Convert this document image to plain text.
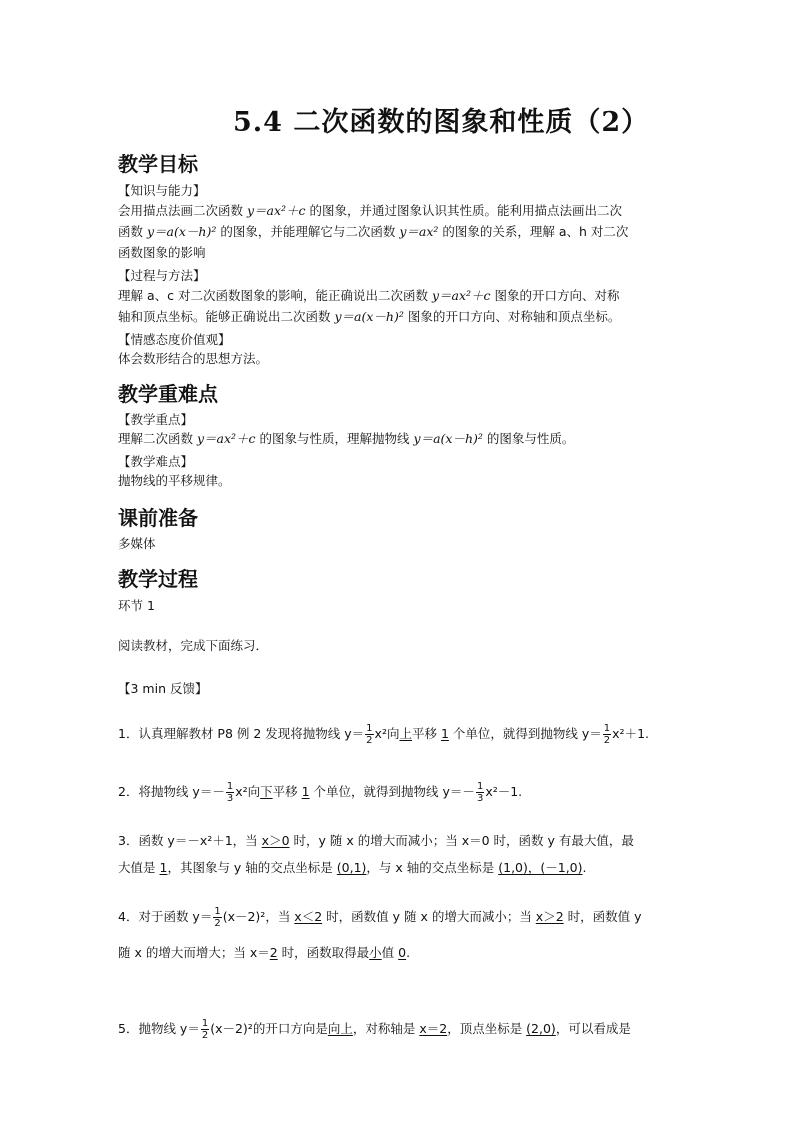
5.4 二次函数的图象和性质（2）
教学目标
【知识与能力】
会用描点法画二次函数 y＝ax²＋c 的图象，并通过图象认识其性质。能利用描点法画出二次
函数 y＝a(x－h)² 的图象，并能理解它与二次函数 y＝ax² 的图象的关系，理解 a、h 对二次
函数图象的影响
【过程与方法】
理解 a、c 对二次函数图象的影响，能正确说出二次函数 y＝ax²＋c 图象的开口方向、对称
轴和顶点坐标。能够正确说出二次函数 y＝a(x－h)² 图象的开口方向、对称轴和顶点坐标。
【情感态度价值观】
体会数形结合的思想方法。
教学重难点
【教学重点】
理解二次函数 y＝ax²＋c 的图象与性质，理解抛物线 y＝a(x－h)² 的图象与性质。
【教学难点】
抛物线的平移规律。
课前准备
多媒体
教学过程
环节 1
阅读教材，完成下面练习．
【3 min 反馈】
1．认真理解教材 P8 例 2 发现将抛物线 $y= \frac{1}{2} x^2$向上平移 1 个单位，就得到抛物线 $y= \frac{1}{2} x^2+1$.
2．将抛物线 $y=- \frac{1}{3} x^2$向下平移 1 个单位，就得到抛物线 $y=- \frac{1}{3} x^2-1$.
3．函数 y＝－x²＋1，当 x＞0 时，y 随 x 的增大而减小；当 x＝0 时，函数 y 有最大值，最
大值是 1，其图象与 y 轴的交点坐标是 (0,1)，与 x 轴的交点坐标是 (1,0)，(－1,0).
4．对于函数 $y= \frac{1}{2} (x-2)^2$，当 x＜2 时，函数值 y 随 x 的增大而减小；当 x＞2 时，函数值 y
随 x 的增大而增大；当 x＝2 时，函数取得最小值 0.
5．抛物线 $y= \frac{1}{2} (x-2)^2$的开口方向是向上，对称轴是 x＝2，顶点坐标是 (2,0)，可以看成是
